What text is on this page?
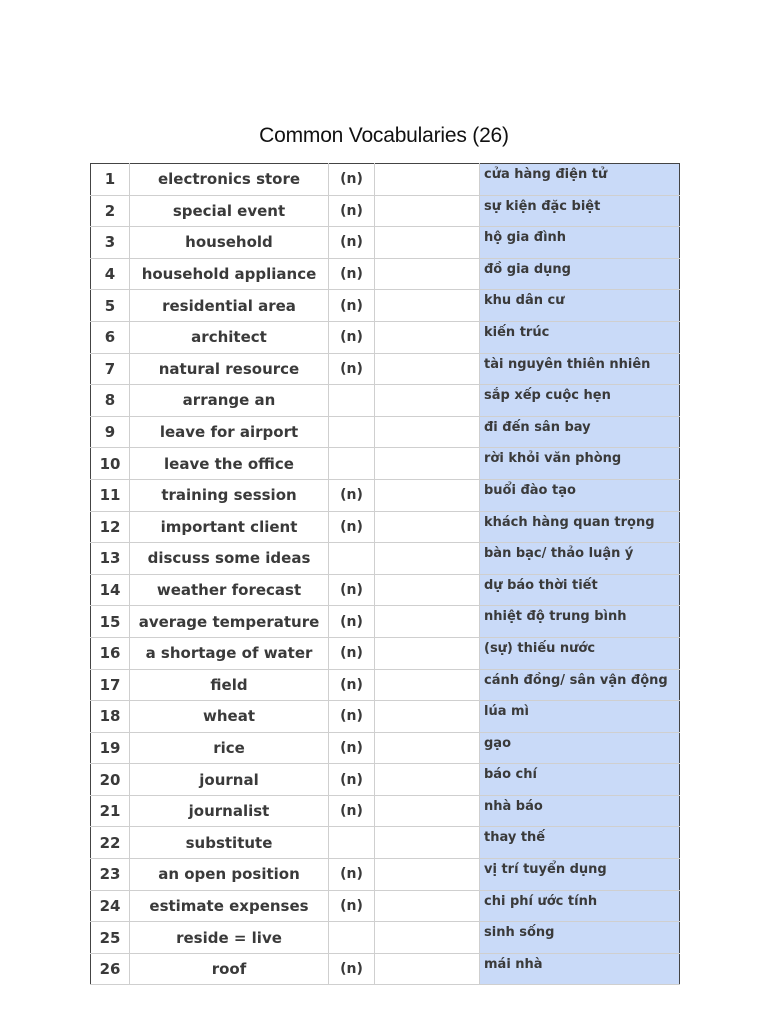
Common Vocabularies (26)
1	electronics store	(n)		cửa hàng điện tử
2	special event	(n)		sự kiện đặc biệt
3	household	(n)		hộ gia đình
4	household appliance	(n)		đồ gia dụng
5	residential area	(n)		khu dân cư
6	architect	(n)		kiến trúc
7	natural resource	(n)		tài nguyên thiên nhiên
8	arrange an			sắp xếp cuộc hẹn
9	leave for airport			đi đến sân bay
10	leave the office			rời khỏi văn phòng
11	training session	(n)		buổi đào tạo
12	important client	(n)		khách hàng quan trọng
13	discuss some ideas			bàn bạc/ thảo luận ý
14	weather forecast	(n)		dự báo thời tiết
15	average temperature	(n)		nhiệt độ trung bình
16	a shortage of water	(n)		(sự) thiếu nước
17	field	(n)		cánh đồng/ sân vận động
18	wheat	(n)		lúa mì
19	rice	(n)		gạo
20	journal	(n)		báo chí
21	journalist	(n)		nhà báo
22	substitute			thay thế
23	an open position	(n)		vị trí tuyển dụng
24	estimate expenses	(n)		chi phí ước tính
25	reside = live			sinh sống
26	roof	(n)		mái nhà
